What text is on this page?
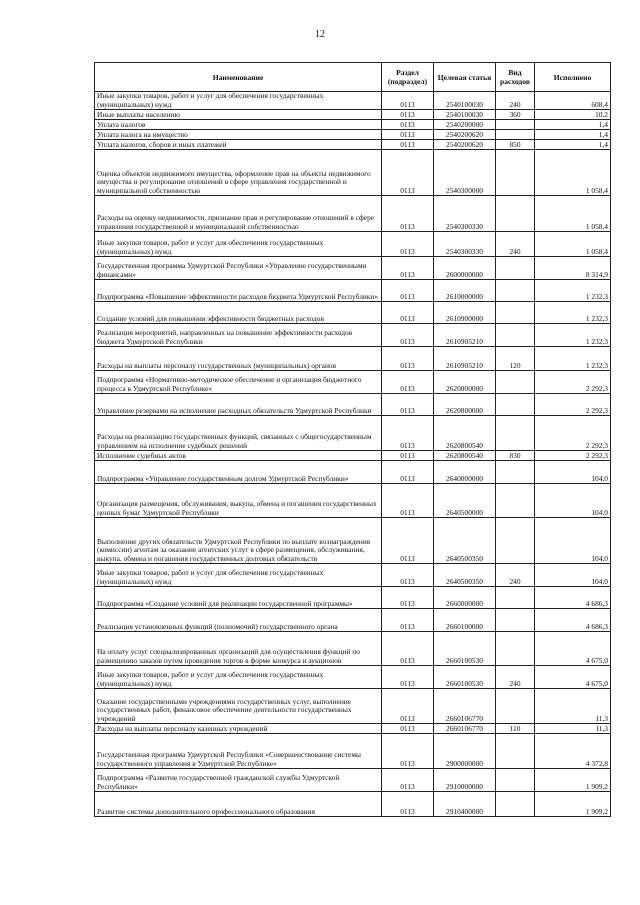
12
Наименование	Раздел (подраздел)	Целевая статья	Вид расходов	Исполнено
Иные закупки товаров, работ и услуг для обеспечения государственных (муниципальных) нужд	0113	2540100030	240	608,4
Иные выплаты населению	0113	2540100030	360	10,2
Уплата налогов	0113	2540200000		1,4
Уплата налога на имущество	0113	2540200620		1,4
Уплата налогов, сборов и иных платежей	0113	2540200620	850	1,4
Оценка объектов недвижимого имущества, оформление прав на объекты недвижимого имущества и регулирование отношений в сфере управления государственной и муниципальной собственностью	0113	2540300000		1 058,4
Расходы на оценку недвижимости, признание прав и регулирование отношений в сфере управления государственной и муниципальной собственностью	0113	2540300330		1 058,4
Иные закупки товаров, работ и услуг для обеспечения государственных (муниципальных) нужд	0113	2540300330	240	1 058,4
Государственная программа Удмуртской Республики «Управление государственными финансами»	0113	2600000000		8 314,9
Подпрограмма «Повышение эффективности расходов бюджета Удмуртской Республики»	0113	2610000000		1 232,3
Создание условий для повышения эффективности бюджетных расходов	0113	2610900000		1 232,3
Реализация мероприятий, направленных на повышение эффективности расходов бюджета Удмуртской Республики	0113	2610905210		1 232,3
Расходы на выплаты персоналу государственных (муниципальных) органов	0113	2610905210	120	1 232,3
Подпрограмма «Нормативно-методическое обеспечение и организация бюджетного процесса в Удмуртской Республике»	0113	2620000000		2 292,3
Управление резервами на исполнение расходных обязательств Удмуртской Республики	0113	2620800000		2 292,3
Расходы на реализацию государственных функций, связанных с общегосударственным управлением на исполнение судебных решений	0113	2620800540		2 292,3
Исполнение судебных актов	0113	2620800540	830	2 292,3
Подпрограмма «Управление государственным долгом Удмуртской Республики»	0113	2640000000		104,0
Организация размещения, обслуживания, выкупа, обмена и погашения государственных ценных бумаг Удмуртской Республики	0113	2640500000		104,0
Выполнение других обязательств Удмуртской Республики по выплате вознаграждения (комиссии) агентам за оказание агентских услуг в сфере размещения, обслуживания, выкупа, обмена и погашения государственных долговых обязательств	0113	2640500350		104,0
Иные закупки товаров, работ и услуг для обеспечения государственных (муниципальных) нужд	0113	2640500350	240	104,0
Подпрограмма «Создание условий для реализации государственной программы»	0113	2660000000		4 686,3
Реализация установленных функций (полномочий) государственного органа	0113	2660100000		4 686,3
На оплату услуг специализированных организаций для осуществления функций по размещению заказов путем проведения торгов в форме конкурса и аукционов	0113	2660100530		4 675,0
Иные закупки товаров, работ и услуг для обеспечения государственных (муниципальных) нужд	0113	2660100530	240	4 675,0
Оказание государственными учреждениями государственных услуг, выполнение государственных работ, финансовое обеспечение деятельности государственных учреждений	0113	2660106770		11,3
Расходы на выплаты персоналу казенных учреждений	0113	2660106770	110	11,3
Государственная программа Удмуртской Республики «Совершенствование системы государственного управления в Удмуртской Республике»	0113	2900000000		4 372,8
Подпрограмма «Развитие государственной гражданской службы Удмуртской Республики»	0113	2910000000		1 909,2
Развитие системы дополнительного профессионального образования	0113	2910400000		1 909,2
